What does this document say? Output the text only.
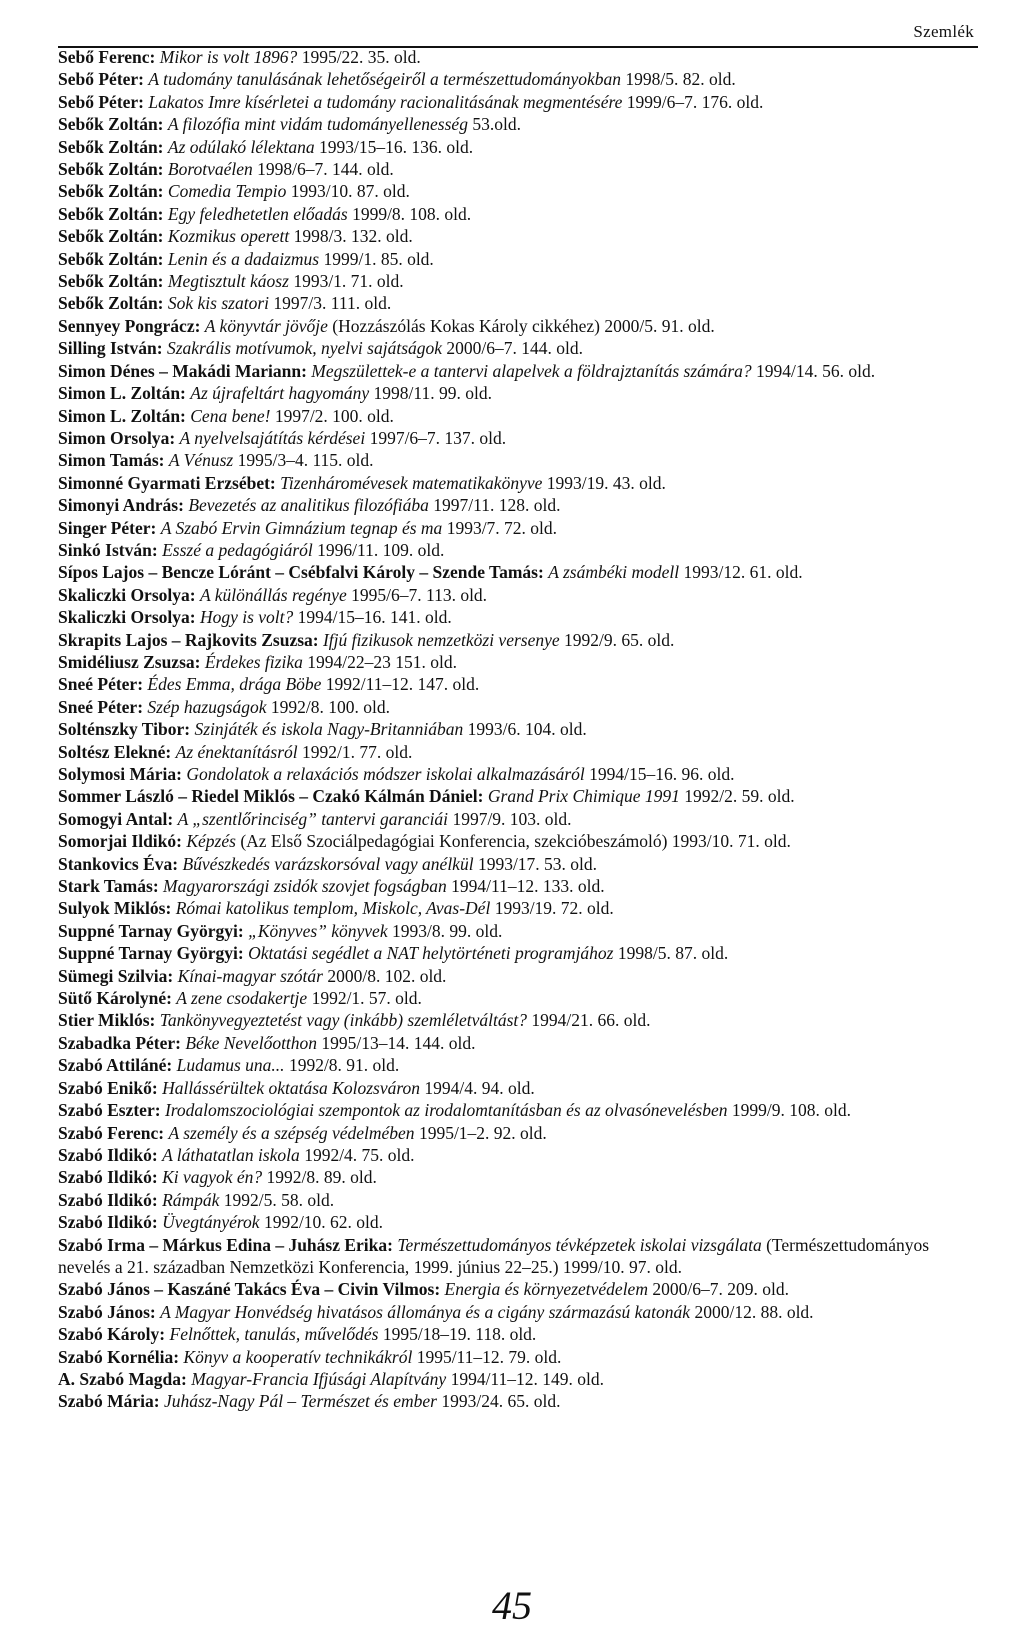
Szemlék

Sebő Ferenc: Mikor is volt 1896? 1995/22. 35. old.

Sebő Péter: A tudomány tanulásának lehetőségeiről a természettudományokban 1998/5. 82. old.

Sebő Péter: Lakatos Imre kísérletei a tudomány racionalitásának megmentésére 1999/6–7. 176. old.

Sebők Zoltán: A filozófia mint vidám tudományellenesség 53.old.

Sebők Zoltán: Az odúlakó lélektana 1993/15–16. 136. old.

Sebők Zoltán: Borotvaélen 1998/6–7. 144. old.

Sebők Zoltán: Comedia Tempio 1993/10. 87. old.

Sebők Zoltán: Egy feledhetetlen előadás 1999/8. 108. old.

Sebők Zoltán: Kozmikus operett 1998/3. 132. old.

Sebők Zoltán: Lenin és a dadaizmus 1999/1. 85. old.

Sebők Zoltán: Megtisztult káosz 1993/1. 71. old.

Sebők Zoltán: Sok kis szatori 1997/3. 111. old.

Sennyey Pongrácz: A könyvtár jövője (Hozzászólás Kokas Károly cikkéhez) 2000/5. 91. old.

Silling István: Szakrális motívumok, nyelvi sajátságok 2000/6–7. 144. old.

Simon Dénes – Makádi Mariann: Megszülettek-e a tantervi alapelvek a földrajztanítás számára? 1994/14. 56. old.

Simon L. Zoltán: Az újrafeltárt hagyomány 1998/11. 99. old.

Simon L. Zoltán: Cena bene! 1997/2. 100. old.

Simon Orsolya: A nyelvelsajátítás kérdései 1997/6–7. 137. old.

Simon Tamás: A Vénusz 1995/3–4. 115. old.

Simonné Gyarmati Erzsébet: Tizenháromévesek matematikakönyve 1993/19. 43. old.

Simonyi András: Bevezetés az analitikus filozófiába 1997/11. 128. old.

Singer Péter: A Szabó Ervin Gimnázium tegnap és ma 1993/7. 72. old.

Sinkó István: Esszé a pedagógiáról 1996/11. 109. old.

Sípos Lajos – Bencze Lóránt – Csébfalvi Károly – Szende Tamás: A zsámbéki modell 1993/12. 61. old.

Skaliczki Orsolya: A különállás regénye 1995/6–7. 113. old.

Skaliczki Orsolya: Hogy is volt? 1994/15–16. 141. old.

Skrapits Lajos – Rajkovits Zsuzsa: Ifjú fizikusok nemzetközi versenye 1992/9. 65. old.

Smidéliusz Zsuzsa: Érdekes fizika 1994/22–23 151. old.

Sneé Péter: Édes Emma, drága Böbe 1992/11–12. 147. old.

Sneé Péter: Szép hazugságok 1992/8. 100. old.

Solténszky Tibor: Szinjáték és iskola Nagy-Britanniában 1993/6. 104. old.

Soltész Elekné: Az énektanításról 1992/1. 77. old.

Solymosi Mária: Gondolatok a relaxációs módszer iskolai alkalmazásáról 1994/15–16. 96. old.

Sommer László – Riedel Miklós – Czakó Kálmán Dániel: Grand Prix Chimique 1991 1992/2. 59. old.

Somogyi Antal: A „szentlőrinciség” tantervi garanciái 1997/9. 103. old.

Somorjai Ildikó: Képzés (Az Első Szociálpedagógiai Konferencia, szekcióbeszámoló) 1993/10. 71. old.

Stankovics Éva: Bűvészkedés varázskorsóval vagy anélkül 1993/17. 53. old.

Stark Tamás: Magyarországi zsidók szovjet fogságban 1994/11–12. 133. old.

Sulyok Miklós: Római katolikus templom, Miskolc, Avas-Dél 1993/19. 72. old.

Suppné Tarnay Györgyi: „Könyves” könyvek 1993/8. 99. old.

Suppné Tarnay Györgyi: Oktatási segédlet a NAT helytörténeti programjához 1998/5. 87. old.

Sümegi Szilvia: Kínai-magyar szótár 2000/8. 102. old.

Sütő Károlyné: A zene csodakertje 1992/1. 57. old.

Stier Miklós: Tankönyvegyeztetést vagy (inkább) szemléletváltást? 1994/21. 66. old.

Szabadka Péter: Béke Nevelőotthon 1995/13–14. 144. old.

Szabó Attiláné: Ludamus una... 1992/8. 91. old.

Szabó Enikő: Hallássérültek oktatása Kolozsváron 1994/4. 94. old.

Szabó Eszter: Irodalomszociológiai szempontok az irodalomtanításban és az olvasónevelésben 1999/9. 108. old.

Szabó Ferenc: A személy és a szépség védelmében 1995/1–2. 92. old.

Szabó Ildikó: A láthatatlan iskola 1992/4. 75. old.

Szabó Ildikó: Ki vagyok én? 1992/8. 89. old.

Szabó Ildikó: Rámpák 1992/5. 58. old.

Szabó Ildikó: Üvegtányérok 1992/10. 62. old.

Szabó Irma – Márkus Edina – Juhász Erika: Természettudományos tévképzetek iskolai vizsgálata (Természettudományos nevelés a 21. században Nemzetközi Konferencia, 1999. június 22–25.) 1999/10. 97. old.

Szabó János – Kaszáné Takács Éva – Civin Vilmos: Energia és környezetvédelem 2000/6–7. 209. old.

Szabó János: A Magyar Honvédség hivatásos állománya és a cigány származású katonák 2000/12. 88. old.

Szabó Károly: Felnőttek, tanulás, művelődés 1995/18–19. 118. old.

Szabó Kornélia: Könyv a kooperatív technikákról 1995/11–12. 79. old.

A. Szabó Magda: Magyar-Francia Ifjúsági Alapítvány 1994/11–12. 149. old.

Szabó Mária: Juhász-Nagy Pál – Természet és ember 1993/24. 65. old.

45
